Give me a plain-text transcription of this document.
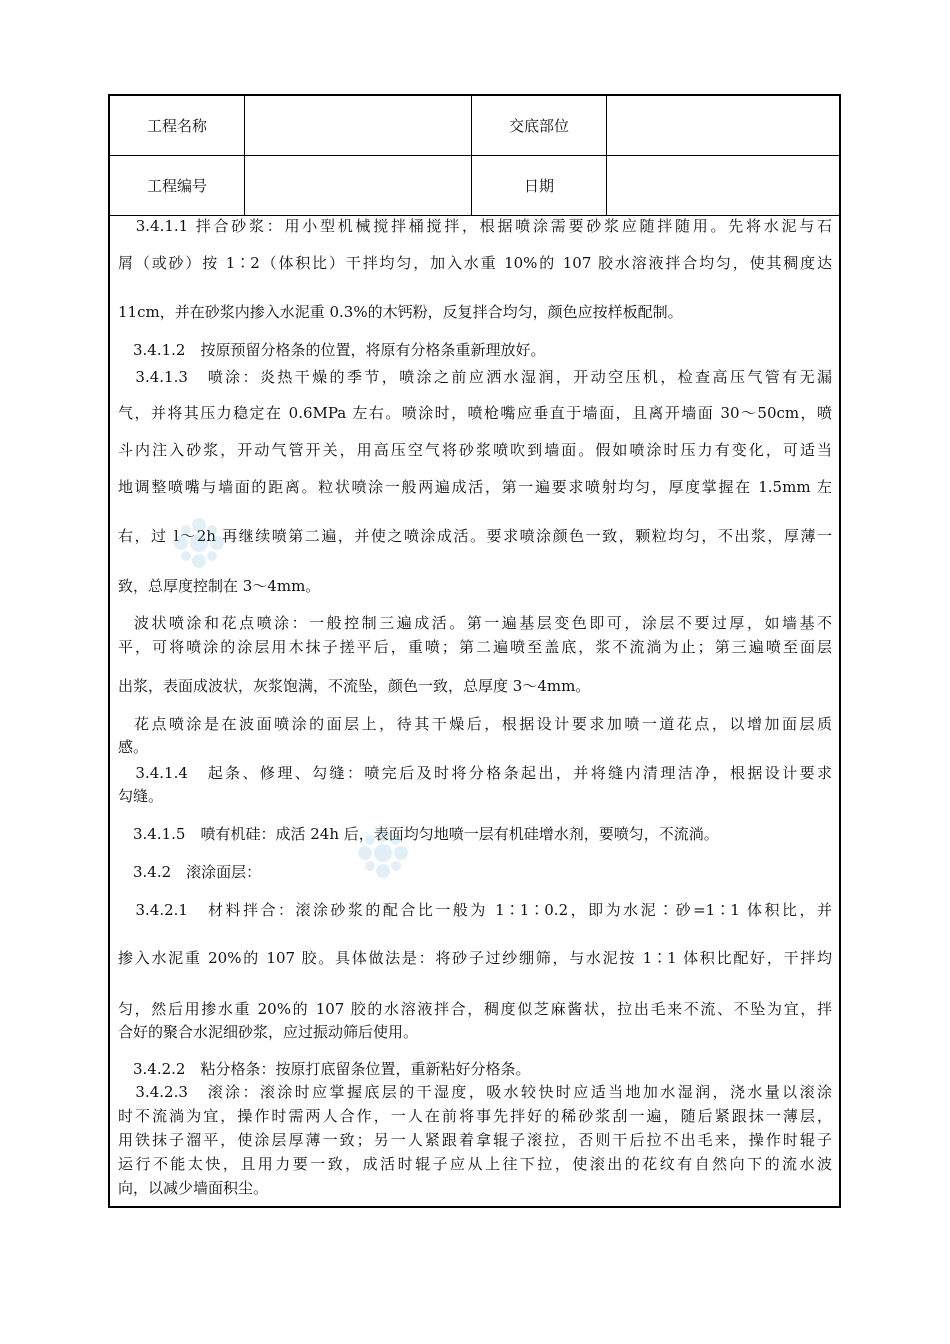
工程名称	交底部位
工程编号	日期
　3.4.1.1 拌合砂浆：用小型机械搅拌桶搅拌，根据喷涂需要砂浆应随拌随用。先将水泥与石
屑（或砂）按 1∶2（体积比）干拌均匀，加入水重 10%的 107 胶水溶液拌合均匀，使其稠度达
11cm，并在砂浆内掺入水泥重 0.3%的木钙粉，反复拌合均匀，颜色应按样板配制。
　3.4.1.2　按原预留分格条的位置，将原有分格条重新理放好。
　3.4.1.3　喷涂：炎热干燥的季节，喷涂之前应洒水湿润，开动空压机，检查高压气管有无漏
气，并将其压力稳定在 0.6MPa 左右。喷涂时，喷枪嘴应垂直于墙面，且离开墙面 30～50cm，喷
斗内注入砂浆，开动气管开关，用高压空气将砂浆喷吹到墙面。假如喷涂时压力有变化，可适当
地调整喷嘴与墙面的距离。粒状喷涂一般两遍成活，第一遍要求喷射均匀，厚度掌握在 1.5mm 左
右，过 l～2h 再继续喷第二遍，并使之喷涂成活。要求喷涂颜色一致，颗粒均匀，不出浆，厚薄一
致，总厚度控制在 3～4mm。
波状喷涂和花点喷涂：一般控制三遍成活。第一遍基层变色即可，涂层不要过厚，如墙基不
平，可将喷涂的涂层用木抹子搓平后，重喷；第二遍喷至盖底，浆不流淌为止；第三遍喷至面层
出浆，表面成波状，灰浆饱满，不流坠，颜色一致，总厚度 3～4mm。
花点喷涂是在波面喷涂的面层上，待其干燥后，根据设计要求加喷一道花点，以增加面层质
感。
　3.4.1.4　起条、修理、勾缝：喷完后及时将分格条起出，并将缝内清理洁净，根据设计要求
勾缝。
　3.4.1.5　喷有机硅：成活 24h 后，表面均匀地喷一层有机硅增水剂，要喷匀，不流淌。
　3.4.2　滚涂面层：
　3.4.2.1　材料拌合：滚涂砂浆的配合比一般为 1∶1∶0.2，即为水泥∶砂=1∶1 体积比，并
掺入水泥重 20%的 107 胶。具体做法是：将砂子过纱绷筛，与水泥按 1∶1 体积比配好，干拌均
匀，然后用掺水重 20%的 107 胶的水溶液拌合，稠度似芝麻酱状，拉出毛来不流、不坠为宜，拌
合好的聚合水泥细砂浆，应过振动筛后使用。
　3.4.2.2　粘分格条：按原打底留条位置，重新粘好分格条。
　3.4.2.3　滚涂：滚涂时应掌握底层的干湿度，吸水较快时应适当地加水湿润，浇水量以滚涂
时不流淌为宜，操作时需两人合作，一人在前将事先拌好的稀砂浆刮一遍，随后紧跟抹一薄层，
用铁抹子溜平，使涂层厚薄一致；另一人紧跟着拿辊子滚拉，否则干后拉不出毛来，操作时辊子
运行不能太快，且用力要一致，成活时辊子应从上往下拉，使滚出的花纹有自然向下的流水波
向，以减少墙面积尘。
